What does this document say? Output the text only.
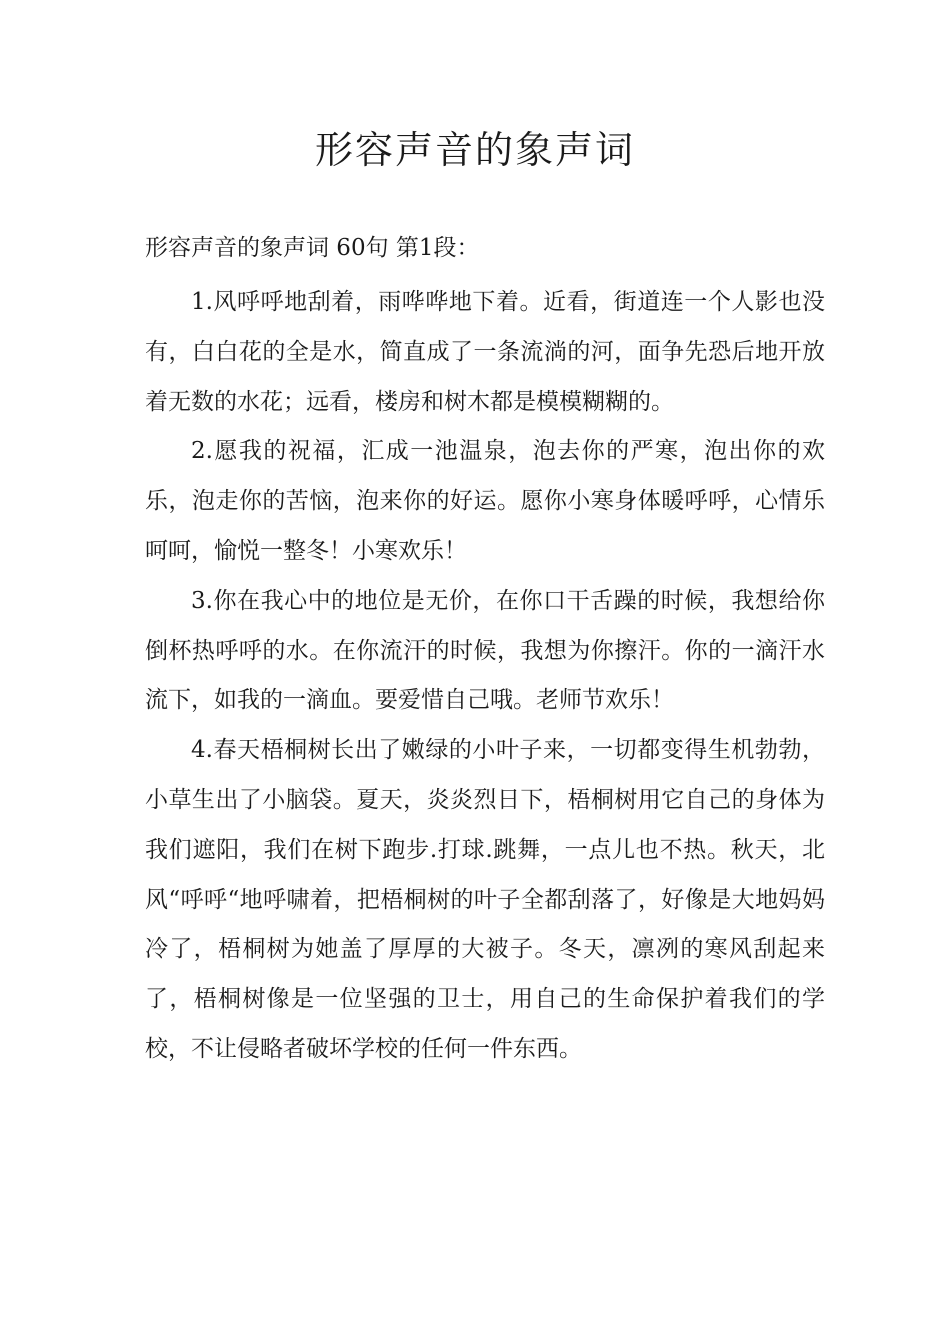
形容声音的象声词
形容声音的象声词 60句 第1段：

1.风呼呼地刮着，雨哗哗地下着。近看，街道连一个人影也没有，白白花的全是水，简直成了一条流淌的河，面争先恐后地开放着无数的水花；远看，楼房和树木都是模模糊糊的。

2.愿我的祝福，汇成一池温泉，泡去你的严寒，泡出你的欢乐，泡走你的苦恼，泡来你的好运。愿你小寒身体暖呼呼，心情乐呵呵，愉悦一整冬！小寒欢乐！

3.你在我心中的地位是无价，在你口干舌躁的时候，我想给你倒杯热呼呼的水。在你流汗的时候，我想为你擦汗。你的一滴汗水流下，如我的一滴血。要爱惜自己哦。老师节欢乐！

4.春天梧桐树长出了嫩绿的小叶子来，一切都变得生机勃勃，小草生出了小脑袋。夏天，炎炎烈日下，梧桐树用它自己的身体为我们遮阳，我们在树下跑步.打球.跳舞，一点儿也不热。秋天，北风“呼呼“地呼啸着，把梧桐树的叶子全都刮落了，好像是大地妈妈冷了，梧桐树为她盖了厚厚的大被子。冬天，凛冽的寒风刮起来了，梧桐树像是一位坚强的卫士，用自己的生命保护着我们的学校，不让侵略者破坏学校的任何一件东西。
